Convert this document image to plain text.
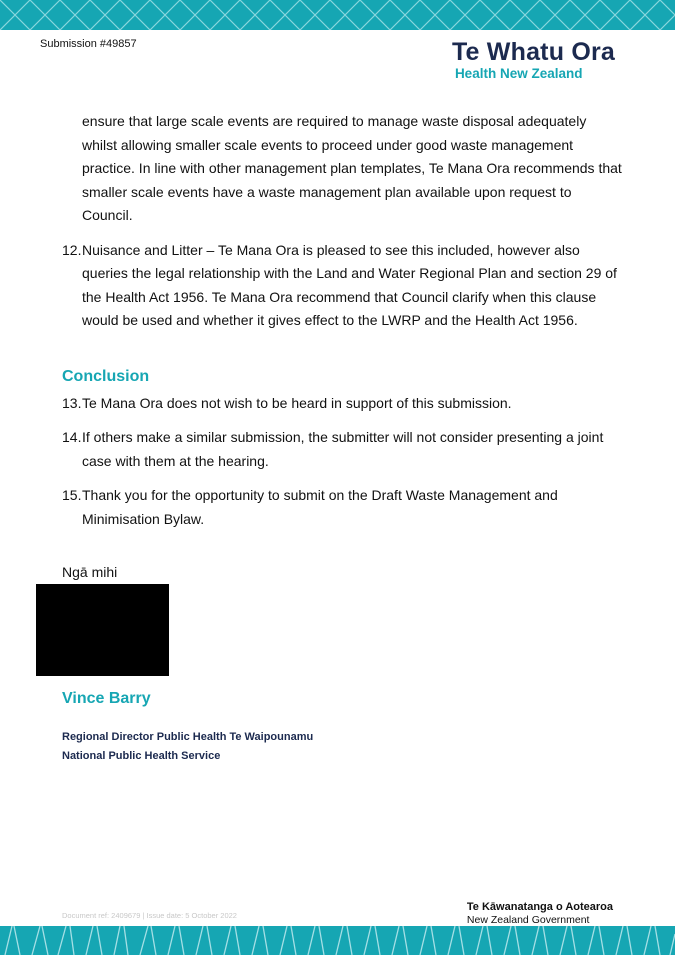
Submission #49857	Te Whatu Ora
Health New Zealand

ensure that large scale events are required to manage waste disposal adequately whilst allowing smaller scale events to proceed under good waste management practice. In line with other management plan templates, Te Mana Ora recommends that smaller scale events have a waste management plan available upon request to Council.

12. Nuisance and Litter – Te Mana Ora is pleased to see this included, however also queries the legal relationship with the Land and Water Regional Plan and section 29 of the Health Act 1956. Te Mana Ora recommend that Council clarify when this clause would be used and whether it gives effect to the LWRP and the Health Act 1956.
Conclusion
13. Te Mana Ora does not wish to be heard in support of this submission.
14. If others make a similar submission, the submitter will not consider presenting a joint case with them at the hearing.
15. Thank you for the opportunity to submit on the Draft Waste Management and Minimisation Bylaw.
Ngā mihi
Vince Barry
Regional Director Public Health Te Waipounamu
National Public Health Service
Document ref: 2409679 | Issue date: 5 October 2022
Te Kāwanatanga o Aotearoa
New Zealand Government
